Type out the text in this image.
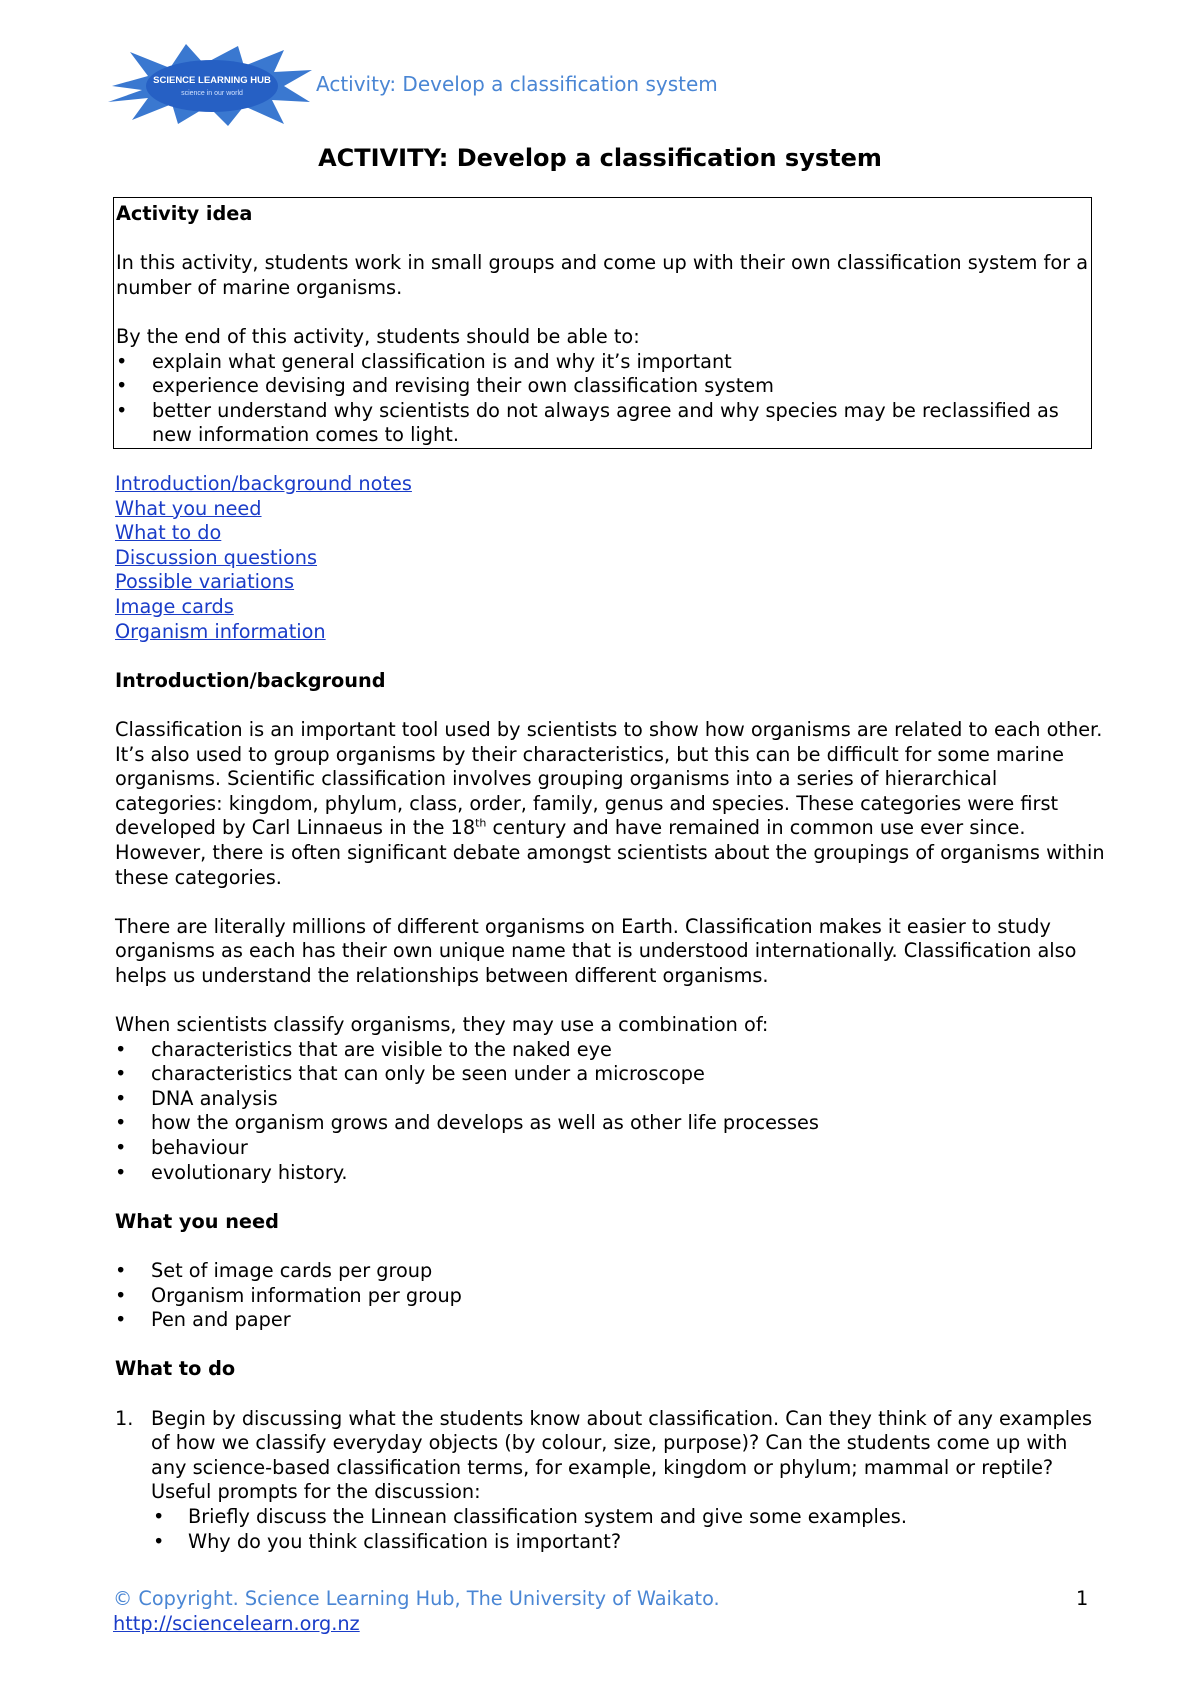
SCIENCE LEARNING HUB
science in our world	Activity: Develop a classification system
ACTIVITY: Develop a classification system
Activity idea

In this activity, students work in small groups and come up with their own classification system for a number of marine organisms.

By the end of this activity, students should be able to:

• explain what general classification is and why it’s important
• experience devising and revising their own classification system
• better understand why scientists do not always agree and why species may be reclassified as new information comes to light.
Introduction/background notes
What you need
What to do
Discussion questions
Possible variations
Image cards
Organism information
Introduction/background

Classification is an important tool used by scientists to show how organisms are related to each other. It’s also used to group organisms by their characteristics, but this can be difficult for some marine organisms. Scientific classification involves grouping organisms into a series of hierarchical categories: kingdom, phylum, class, order, family, genus and species. These categories were first developed by Carl Linnaeus in the 18th century and have remained in common use ever since. However, there is often significant debate amongst scientists about the groupings of organisms within these categories.

There are literally millions of different organisms on Earth. Classification makes it easier to study organisms as each has their own unique name that is understood internationally. Classification also helps us understand the relationships between different organisms.

When scientists classify organisms, they may use a combination of:

• characteristics that are visible to the naked eye
• characteristics that can only be seen under a microscope
• DNA analysis
• how the organism grows and develops as well as other life processes
• behaviour
• evolutionary history.
What you need
• Set of image cards per group
• Organism information per group
• Pen and paper
What to do
1. Begin by discussing what the students know about classification. Can they think of any examples of how we classify everyday objects (by colour, size, purpose)? Can the students come up with any science-based classification terms, for example, kingdom or phylum; mammal or reptile? Useful prompts for the discussion:
• Briefly discuss the Linnean classification system and give some examples.
• Why do you think classification is important?
© Copyright. Science Learning Hub, The University of Waikato.
http://sciencelearn.org.nz
1
